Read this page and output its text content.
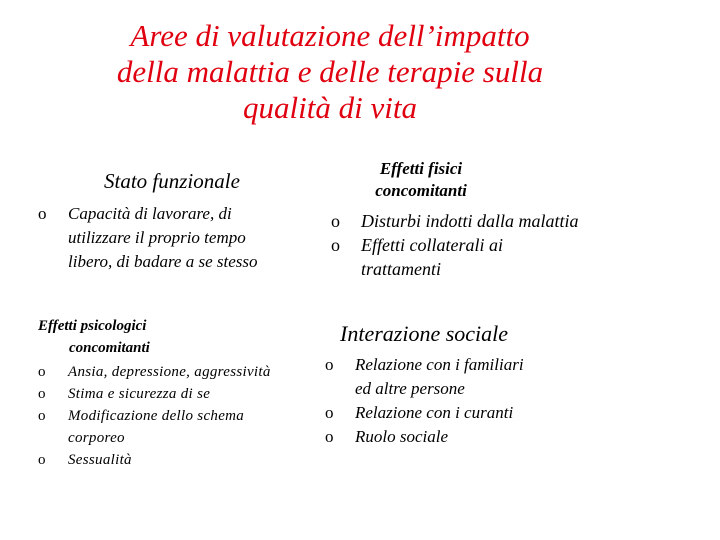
Aree di valutazione dell’impatto
della malattia e delle terapie sulla
qualità di vita
Stato funzionale
o Capacità di lavorare, di utilizzare il proprio tempo libero, di badare a se stesso
Effetti fisici
concomitanti
o Disturbi indotti dalla malattia
o Effetti collaterali ai trattamenti
Effetti psicologici
concomitanti
o Ansia, depressione, aggressività
o Stima e sicurezza di se
o Modificazione dello schema corporeo
o Sessualità
Interazione sociale
o Relazione con i familiari ed altre persone
o Relazione con i curanti
o Ruolo sociale
